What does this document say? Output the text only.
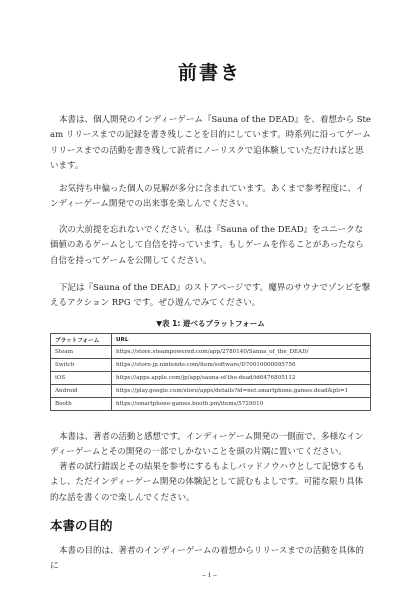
前書き

本書は、個人開発のインディーゲーム『Sauna of the DEAD』を、着想から Steam リリースまでの記録を書き残しことを目的にしています。時系列に沿ってゲームリリースまでの活動を書き残して読者にノーリスクで追体験していただければと思います。

お気持ち申偏った個人の見解が多分に含まれています。あくまで参考程度に、インディーゲーム開発での出来事を楽しんでください。

次の大前提を忘れないでください。私は『Sauna of the DEAD』をユニークな価値のあるゲームとして自信を持っています。もしゲームを作ることがあったなら自信を持ってゲームを公開してください。

下記は『Sauna of the DEAD』のストアページです。魔界のサウナでゾンビを撃えるアクション RPG です。ぜひ遊んでみてください。

▼表 1: 遊べるプラットフォーム

プラットフォーム	URL
Steam	https://store.steampowered.com/app/2780140/Sanna_of_the_DEAD/
Switch	https://store-jp.nintendo.com/item/software/D70010000095756
iOS	https://apps.apple.com/jp/app/sauna-of-the-dead/id6476805112
Android	https://play.google.com/store/apps/details?id=net.smartphone.games.dead&pli=1
Booth	https://smartphone-games.booth.pm/items/5729010

本書は、著者の活動と感想です。インディーゲーム開発の一側面で、多様なインディーゲームとその開発の一部でしかないことを頭の片隅に置いてください。

著者の試行錯誤とその結果を参考にするもよしバッドノウハウとして記憶するもよし、ただインディーゲーム開発の体験記として読むもよしです。可能な限り具体的な話を書くので楽しんでください。

本書の目的

本書の目的は、著者のインディーゲームの着想からリリースまでの活動を具体的に

– i –
